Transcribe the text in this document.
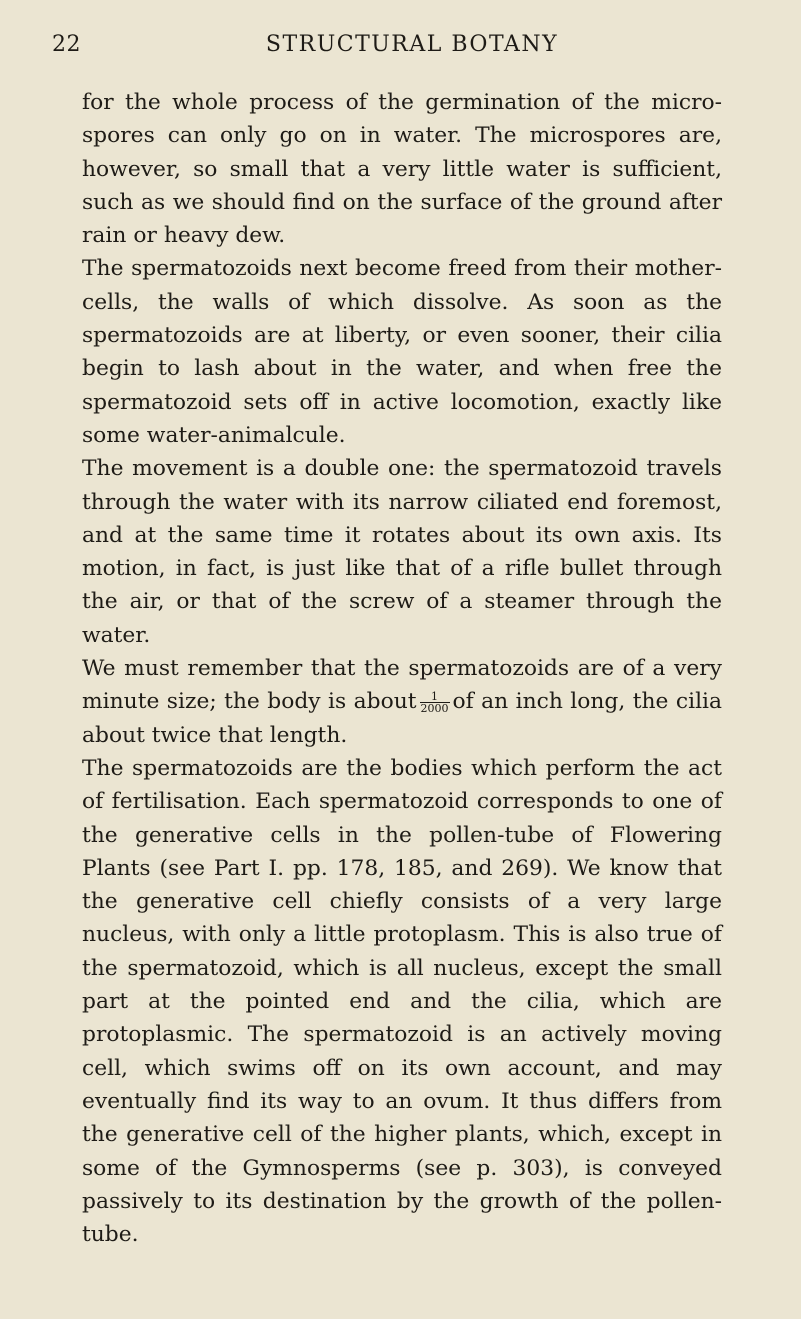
22	STRUCTURAL BOTANY

for the whole process of the germination of the micro-spores can only go on in water. The microspores are, however, so small that a very little water is sufficient, such as we should find on the surface of the ground after rain or heavy dew.

The spermatozoids next become freed from their mother-cells, the walls of which dissolve. As soon as the spermatozoids are at liberty, or even sooner, their cilia begin to lash about in the water, and when free the spermatozoid sets off in active locomotion, exactly like some water-animalcule.

The movement is a double one: the spermatozoid travels through the water with its narrow ciliated end foremost, and at the same time it rotates about its own axis. Its motion, in fact, is just like that of a rifle bullet through the air, or that of the screw of a steamer through the water.

We must remember that the spermatozoids are of a very minute size; the body is about $\frac{1}{2000}$ of an inch long, the cilia about twice that length.

The spermatozoids are the bodies which perform the act of fertilisation. Each spermatozoid corresponds to one of the generative cells in the pollen-tube of Flowering Plants (see Part I. pp. 178, 185, and 269). We know that the generative cell chiefly consists of a very large nucleus, with only a little protoplasm. This is also true of the spermatozoid, which is all nucleus, except the small part at the pointed end and the cilia, which are protoplasmic. The spermatozoid is an actively moving cell, which swims off on its own account, and may eventually find its way to an ovum. It thus differs from the generative cell of the higher plants, which, except in some of the Gymnosperms (see p. 303), is conveyed passively to its destination by the growth of the pollen-tube.
